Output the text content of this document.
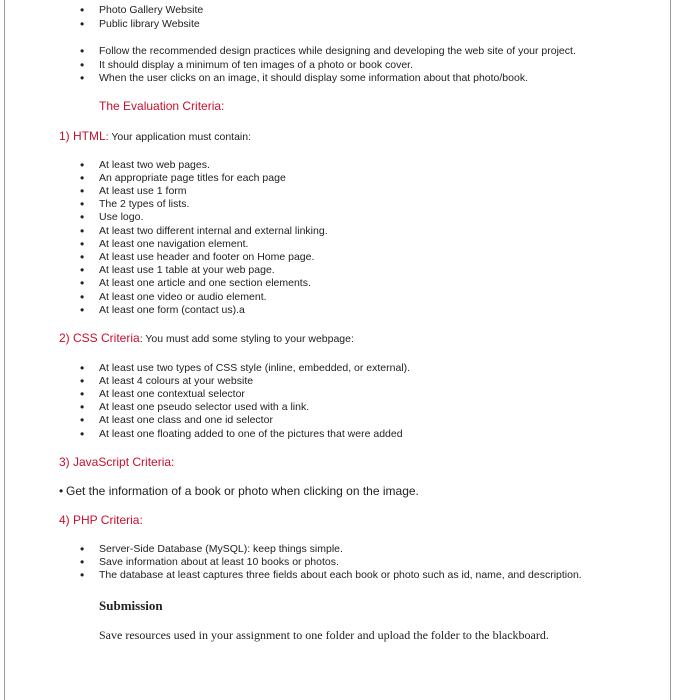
• Photo Gallery Website
• Public library Website
• Follow the recommended design practices while designing and developing the web site of your project.
• It should display a minimum of ten images of a photo or book cover.
• When the user clicks on an image, it should display some information about that photo/book.
The Evaluation Criteria:
1) HTML: Your application must contain:
• At least two web pages.
• An appropriate page titles for each page
• At least use 1 form
• The 2 types of lists.
• Use logo.
• At least two different internal and external linking.
• At least one navigation element.
• At least use header and footer on Home page.
• At least use 1 table at your web page.
• At least one article and one section elements.
• At least one video or audio element.
• At least one form (contact us).a
2) CSS Criteria: You must add some styling to your webpage:
• At least use two types of CSS style (inline, embedded, or external).
• At least 4 colours at your website
• At least one contextual selector
• At least one pseudo selector used with a link.
• At least one class and one id selector
• At least one floating added to one of the pictures that were added
3) JavaScript Criteria:
• Get the information of a book or photo when clicking on the image.
4) PHP Criteria:
• Server-Side Database (MySQL): keep things simple.
• Save information about at least 10 books or photos.
• The database at least captures three fields about each book or photo such as id, name, and description.
Submission
Save resources used in your assignment to one folder and upload the folder to the blackboard.
